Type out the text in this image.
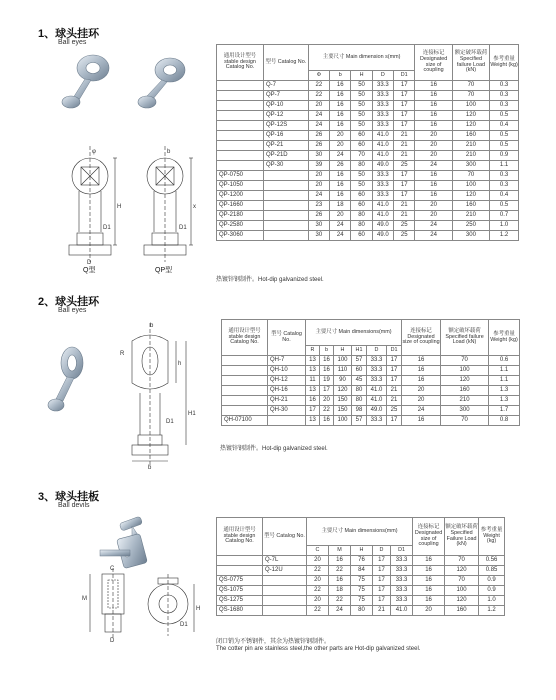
1、球头挂环
Ball eyes
φ
H
D1
D
Q型
b
x
D1
QP型
通用设计型号 stable design Catalog No.	型号 Catalog No.	主要尺寸 Main dimension s(mm)					连接标记 Designated size of coupling	额定破坏载荷 Specified failure Load (kN)	参考重量 Weight (kg)
		Φ	b	H	D	D1			
	Q-7	22	16	50	33.3	17	16	70	0.3
	QP-7	22	16	50	33.3	17	16	70	0.3
	QP-10	20	16	50	33.3	17	16	100	0.3
	QP-12	24	16	50	33.3	17	16	120	0.5
	QP-12S	24	16	50	33.3	17	16	120	0.4
	QP-16	26	20	60	41.0	21	20	160	0.5
	QP-21	26	20	60	41.0	21	20	210	0.5
	QP-21D	30	24	70	41.0	21	20	210	0.9
	QP-30	39	26	80	49.0	25	24	300	1.1
QP-0750		20	16	50	33.3	17	16	70	0.3
QP-1050		20	16	50	33.3	17	16	100	0.3
QP-1200		24	16	60	33.3	17	16	120	0.4
QP-1660		23	18	60	41.0	21	20	160	0.5
QP-2180		26	20	80	41.0	21	20	210	0.7
QP-2580		30	24	80	49.0	25	24	250	1.0
QP-3060		30	24	60	49.0	25	24	300	1.2
热镀锌钢制件。Hot-dip galvanized steel.
2、球头挂环
Ball eyes
b
h
H1
D1
b
R
通用设计型号 stable design Catalog No.	型号 Catalog No.	主要尺寸 Main dimensions(mm)						连接标记 Designated size of coupling	额定破坏载荷 Specified failure Load (kN)	参考重量 Weight (kg)
		R	b	H	H1	D	D1			
	QH-7	13	16	100	57	33.3	17	16	70	0.6
	QH-10	13	16	110	60	33.3	17	16	100	1.1
	QH-12	11	19	90	45	33.3	17	16	120	1.1
	QH-16	13	17	120	80	41.0	21	20	160	1.3
	QH-21	16	20	150	80	41.0	21	20	210	1.3
	QH-30	17	22	150	98	49.0	25	24	300	1.7
QH-07100		13	16	100	57	33.3	17	16	70	0.8
热镀锌钢制件。Hot-dip galvanized steel.
3、球头挂板
Ball devils
C
M
H
D
D1
通用设计型号 stable design Catalog No.	型号 Catalog No.	主要尺寸 Main dimensions(mm)					连接标记 Designated size of coupling	额定破坏载荷 Specified Failure Load (kN)	参考重量 Weight (kg)
		C	M	H	D	D1			
	Q-7L	20	16	76	17	33.3	16	70	0.56
	Q-12U	22	22	84	17	33.3	16	120	0.85
QS-0775		20	16	75	17	33.3	16	70	0.9
QS-1075		22	18	75	17	33.3	16	100	0.9
QS-1275		20	22	75	17	33.3	16	120	1.0
QS-1680		22	24	80	21	41.0	20	160	1.2
闭口销为不锈钢件，其余为热镀锌钢制件。
The cotter pin are stainless steel,the other parts are Hot-dip galvanized steel.
